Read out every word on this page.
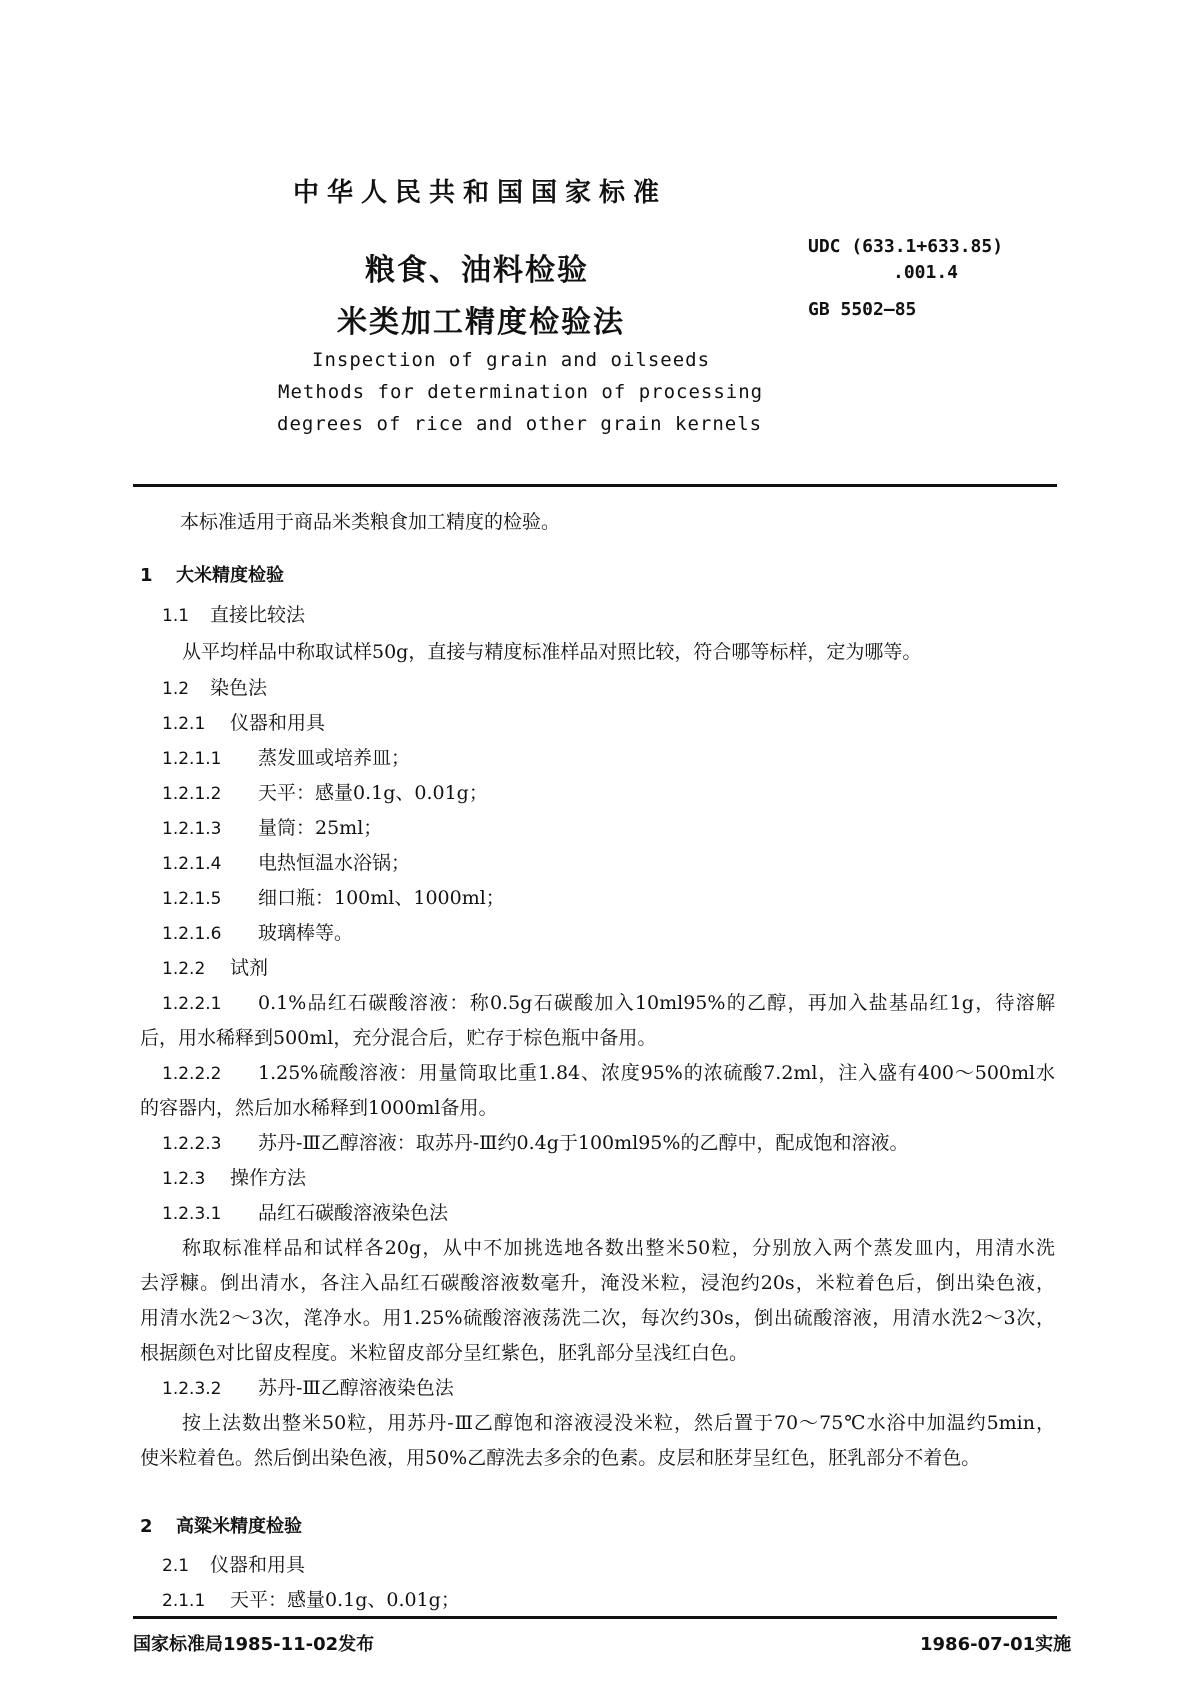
中华人民共和国国家标准
粮食、油料检验
米类加工精度检验法
UDC (633.1+633.85)
.001.4
GB 5502—85
Inspection of grain and oilseeds
Methods for determination of processing
degrees of rice and other grain kernels
本标准适用于商品米类粮食加工精度的检验。
1 大米精度检验
1.1 直接比较法
从平均样品中称取试样50g，直接与精度标准样品对照比较，符合哪等标样，定为哪等。
1.2 染色法
1.2.1 仪器和用具
1.2.1.1 蒸发皿或培养皿；
1.2.1.2 天平：感量0.1g、0.01g；
1.2.1.3 量筒：25ml；
1.2.1.4 电热恒温水浴锅；
1.2.1.5 细口瓶：100ml、1000ml；
1.2.1.6 玻璃棒等。
1.2.2 试剂
1.2.2.1 0.1%品红石碳酸溶液：称0.5g石碳酸加入10ml95%的乙醇，再加入盐基品红1g，待溶解
后，用水稀释到500ml，充分混合后，贮存于棕色瓶中备用。
1.2.2.2 1.25%硫酸溶液：用量筒取比重1.84、浓度95%的浓硫酸7.2ml，注入盛有400～500ml水
的容器内，然后加水稀释到1000ml备用。
1.2.2.3 苏丹-Ⅲ乙醇溶液：取苏丹-Ⅲ约0.4g于100ml95%的乙醇中，配成饱和溶液。
1.2.3 操作方法
1.2.3.1 品红石碳酸溶液染色法
称取标准样品和试样各20g，从中不加挑选地各数出整米50粒，分别放入两个蒸发皿内，用清水洗
去浮糠。倒出清水，各注入品红石碳酸溶液数毫升，淹没米粒，浸泡约20s，米粒着色后，倒出染色液，
用清水洗2～3次，滗净水。用1.25%硫酸溶液荡洗二次，每次约30s，倒出硫酸溶液，用清水洗2～3次，
根据颜色对比留皮程度。米粒留皮部分呈红紫色，胚乳部分呈浅红白色。
1.2.3.2 苏丹-Ⅲ乙醇溶液染色法
按上法数出整米50粒，用苏丹-Ⅲ乙醇饱和溶液浸没米粒，然后置于70～75℃水浴中加温约5min，
使米粒着色。然后倒出染色液，用50%乙醇洗去多余的色素。皮层和胚芽呈红色，胚乳部分不着色。
2 高粱米精度检验
2.1 仪器和用具
2.1.1 天平：感量0.1g、0.01g；
国家标准局1985-11-02发布	1986-07-01实施
